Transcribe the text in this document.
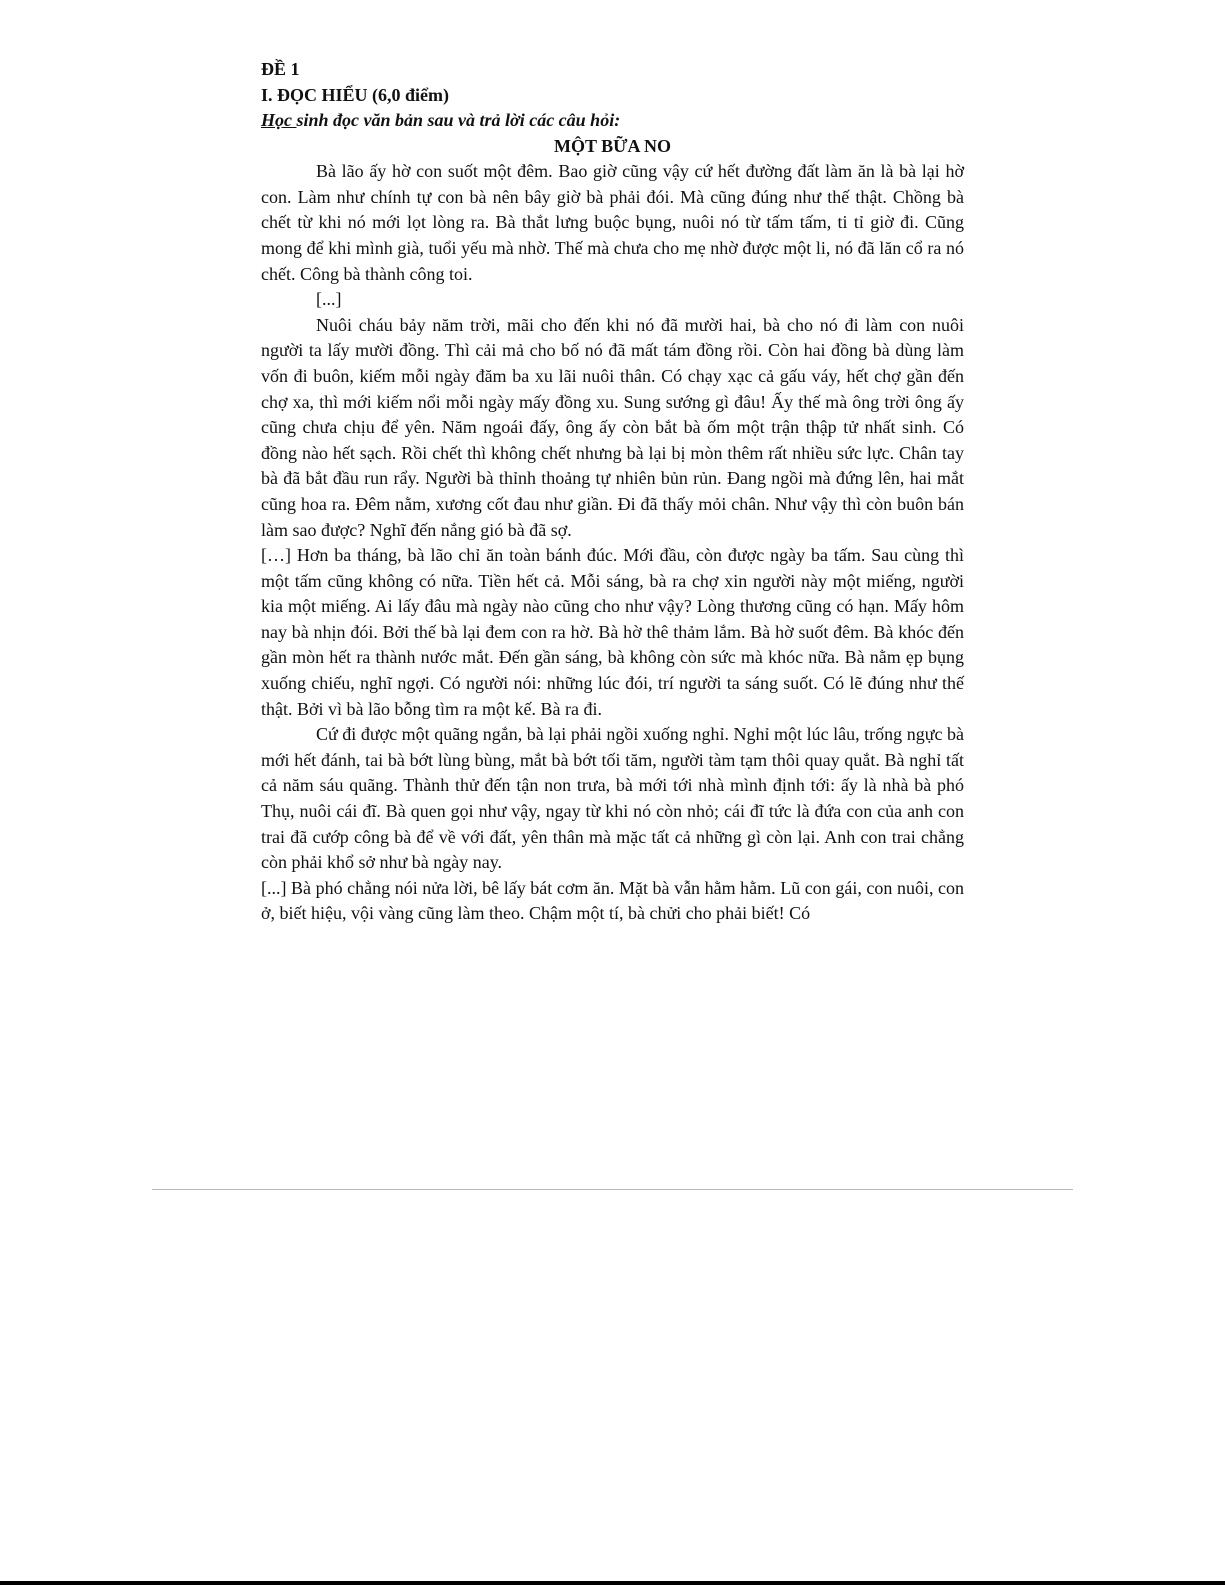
ĐỀ 1

I. ĐỌC HIỂU (6,0 điểm)

Học sinh đọc văn bản sau và trả lời các câu hỏi:

MỘT BỮA NO

Bà lão ấy hờ con suốt một đêm. Bao giờ cũng vậy cứ hết đường đất làm ăn là bà lại hờ con. Làm như chính tự con bà nên bây giờ bà phải đói. Mà cũng đúng như thế thật. Chồng bà chết từ khi nó mới lọt lòng ra. Bà thắt lưng buộc bụng, nuôi nó từ tấm tấm, ti tỉ giờ đi. Cũng mong để khi mình già, tuổi yếu mà nhờ. Thế mà chưa cho mẹ nhờ được một li, nó đã lăn cổ ra nó chết. Công bà thành công toi.

[...]

Nuôi cháu bảy năm trời, mãi cho đến khi nó đã mười hai, bà cho nó đi làm con nuôi người ta lấy mười đồng. Thì cải mả cho bố nó đã mất tám đồng rồi. Còn hai đồng bà dùng làm vốn đi buôn, kiếm mỗi ngày đăm ba xu lãi nuôi thân. Có chạy xạc cả gấu váy, hết chợ gần đến chợ xa, thì mới kiếm nổi mỗi ngày mấy đồng xu. Sung sướng gì đâu! Ấy thế mà ông trời ông ấy cũng chưa chịu để yên. Năm ngoái đấy, ông ấy còn bắt bà ốm một trận thập tử nhất sinh. Có đồng nào hết sạch. Rồi chết thì không chết nhưng bà lại bị mòn thêm rất nhiều sức lực. Chân tay bà đã bắt đầu run rẩy. Người bà thỉnh thoảng tự nhiên bủn rủn. Đang ngồi mà đứng lên, hai mắt cũng hoa ra. Đêm nằm, xương cốt đau như giần. Đi đã thấy mỏi chân. Như vậy thì còn buôn bán làm sao được? Nghĩ đến nắng gió bà đã sợ.

[…] Hơn ba tháng, bà lão chỉ ăn toàn bánh đúc. Mới đầu, còn được ngày ba tấm. Sau cùng thì một tấm cũng không có nữa. Tiền hết cả. Mỗi sáng, bà ra chợ xin người này một miếng, người kia một miếng. Ai lấy đâu mà ngày nào cũng cho như vậy? Lòng thương cũng có hạn. Mấy hôm nay bà nhịn đói. Bởi thế bà lại đem con ra hờ. Bà hờ thê thảm lắm. Bà hờ suốt đêm. Bà khóc đến gần mòn hết ra thành nước mắt. Đến gần sáng, bà không còn sức mà khóc nữa. Bà nằm ẹp bụng xuống chiếu, nghĩ ngợi. Có người nói: những lúc đói, trí người ta sáng suốt. Có lẽ đúng như thế thật. Bởi vì bà lão bỗng tìm ra một kế. Bà ra đi.

Cứ đi được một quãng ngắn, bà lại phải ngồi xuống nghỉ. Nghỉ một lúc lâu, trống ngực bà mới hết đánh, tai bà bớt lùng bùng, mắt bà bớt tối tăm, người tàm tạm thôi quay quắt. Bà nghỉ tất cả năm sáu quãng. Thành thử đến tận non trưa, bà mới tới nhà mình định tới: ấy là nhà bà phó Thụ, nuôi cái đĩ. Bà quen gọi như vậy, ngay từ khi nó còn nhỏ; cái đĩ tức là đứa con của anh con trai đã cướp công bà để về với đất, yên thân mà mặc tất cả những gì còn lại. Anh con trai chẳng còn phải khổ sở như bà ngày nay.

[...] Bà phó chẳng nói nửa lời, bê lấy bát cơm ăn. Mặt bà vẫn hằm hằm. Lũ con gái, con nuôi, con ở, biết hiệu, vội vàng cũng làm theo. Chậm một tí, bà chửi cho phải biết! Có
